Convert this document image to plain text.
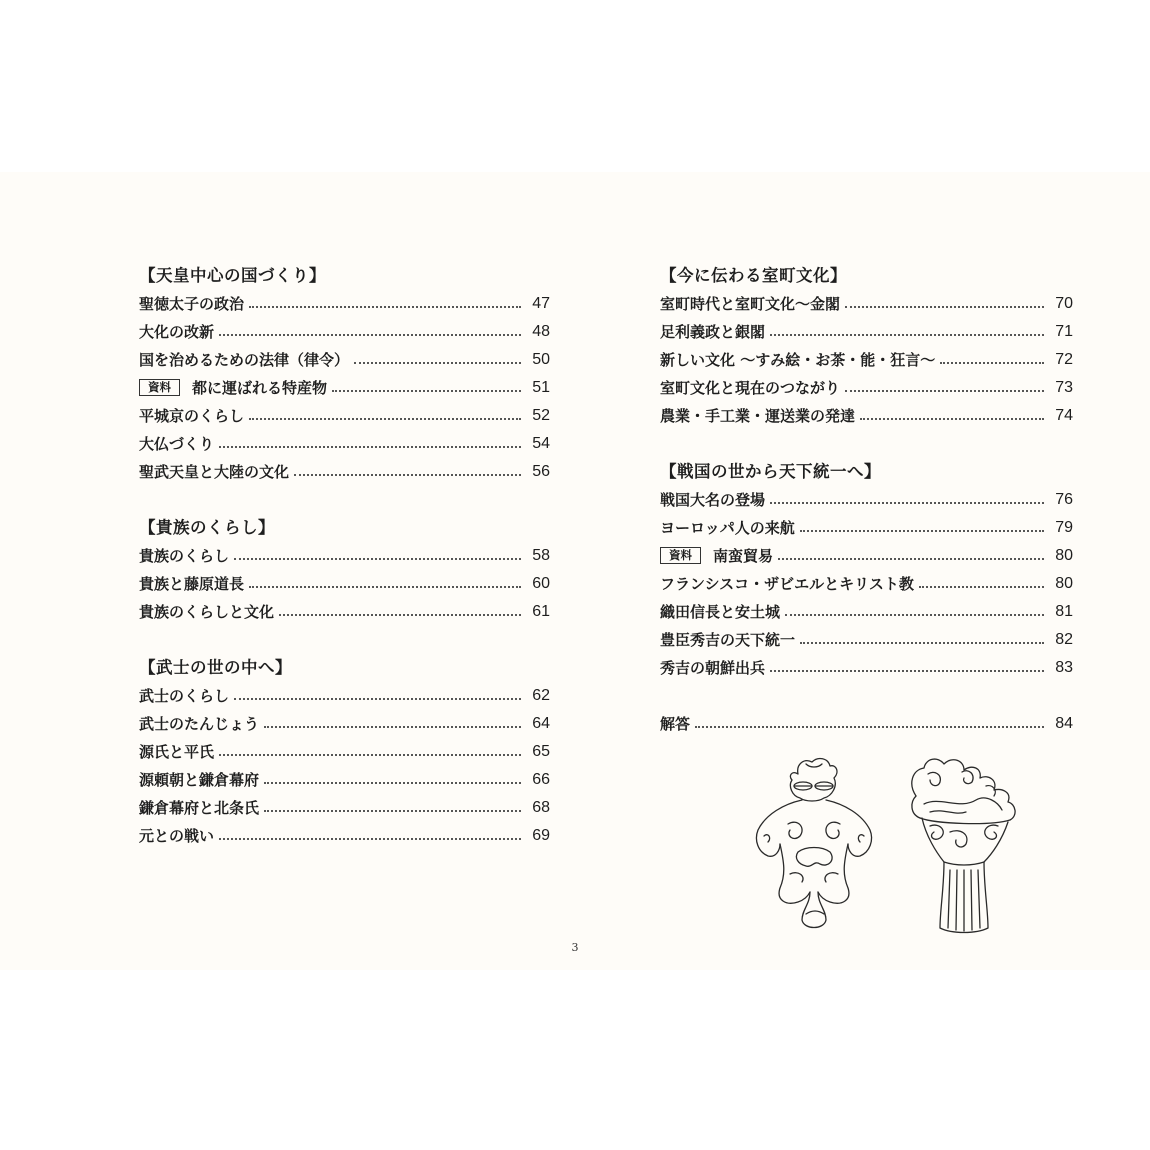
【天皇中心の国づくり】
聖徳太子の政治	47
大化の改新	48
国を治めるための法律（律令）	50
資料	都に運ばれる特産物	51
平城京のくらし	52
大仏づくり	54
聖武天皇と大陸の文化	56
【貴族のくらし】
貴族のくらし	58
貴族と藤原道長	60
貴族のくらしと文化	61
【武士の世の中へ】
武士のくらし	62
武士のたんじょう	64
源氏と平氏	65
源頼朝と鎌倉幕府	66
鎌倉幕府と北条氏	68
元との戦い	69
【今に伝わる室町文化】
室町時代と室町文化～金閣	70
足利義政と銀閣	71
新しい文化 ～すみ絵・お茶・能・狂言～	72
室町文化と現在のつながり	73
農業・手工業・運送業の発達	74
【戦国の世から天下統一へ】
戦国大名の登場	76
ヨーロッパ人の来航	79
資料	南蛮貿易	80
フランシスコ・ザビエルとキリスト教	80
織田信長と安土城	81
豊臣秀吉の天下統一	82
秀吉の朝鮮出兵	83
解答	84
3
